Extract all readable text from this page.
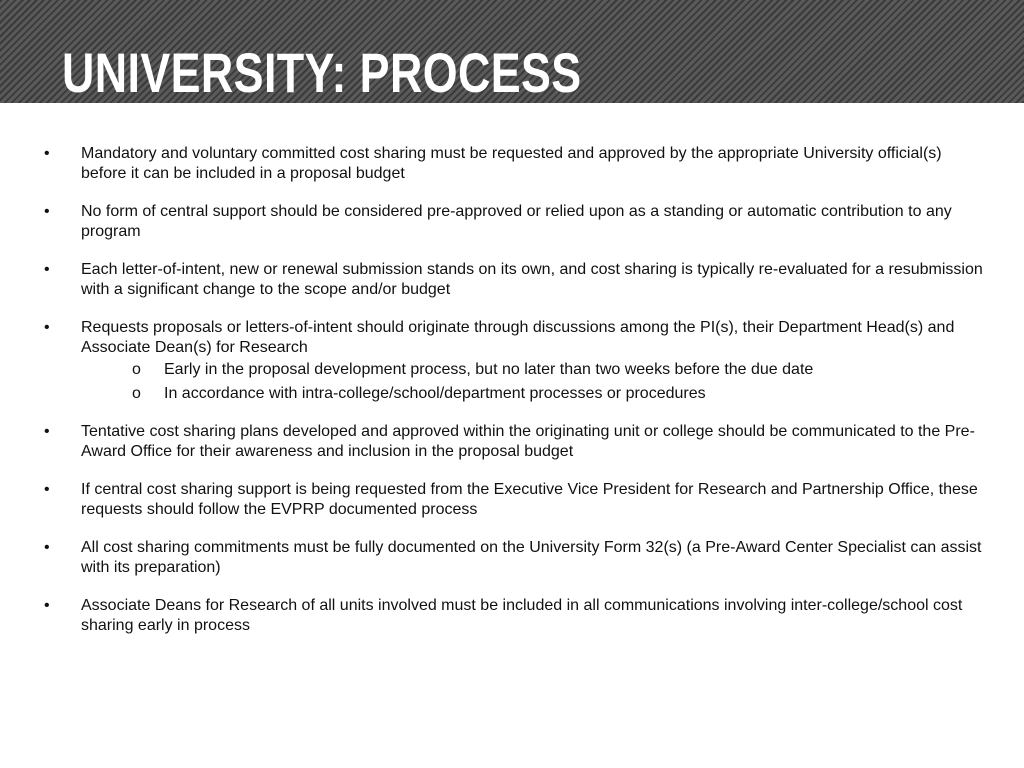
UNIVERSITY: PROCESS
• Mandatory and voluntary committed cost sharing must be requested and approved by the appropriate University official(s) before it can be included in a proposal budget
• No form of central support should be considered pre-approved or relied upon as a standing or automatic contribution to any program
• Each letter-of-intent, new or renewal submission stands on its own, and cost sharing is typically re-evaluated for a resubmission with a significant change to the scope and/or budget
• Requests proposals or letters-of-intent should originate through discussions among the PI(s), their Department Head(s) and Associate Dean(s) for Research
o Early in the proposal development process, but no later than two weeks before the due date
o In accordance with intra-college/school/department processes or procedures
• Tentative cost sharing plans developed and approved within the originating unit or college should be communicated to the Pre-Award Office for their awareness and inclusion in the proposal budget
• If central cost sharing support is being requested from the Executive Vice President for Research and Partnership Office, these requests should follow the EVPRP documented process
• All cost sharing commitments must be fully documented on the University Form 32(s) (a Pre-Award Center Specialist can assist with its preparation)
• Associate Deans for Research of all units involved must be included in all communications involving inter-college/school cost sharing early in process
